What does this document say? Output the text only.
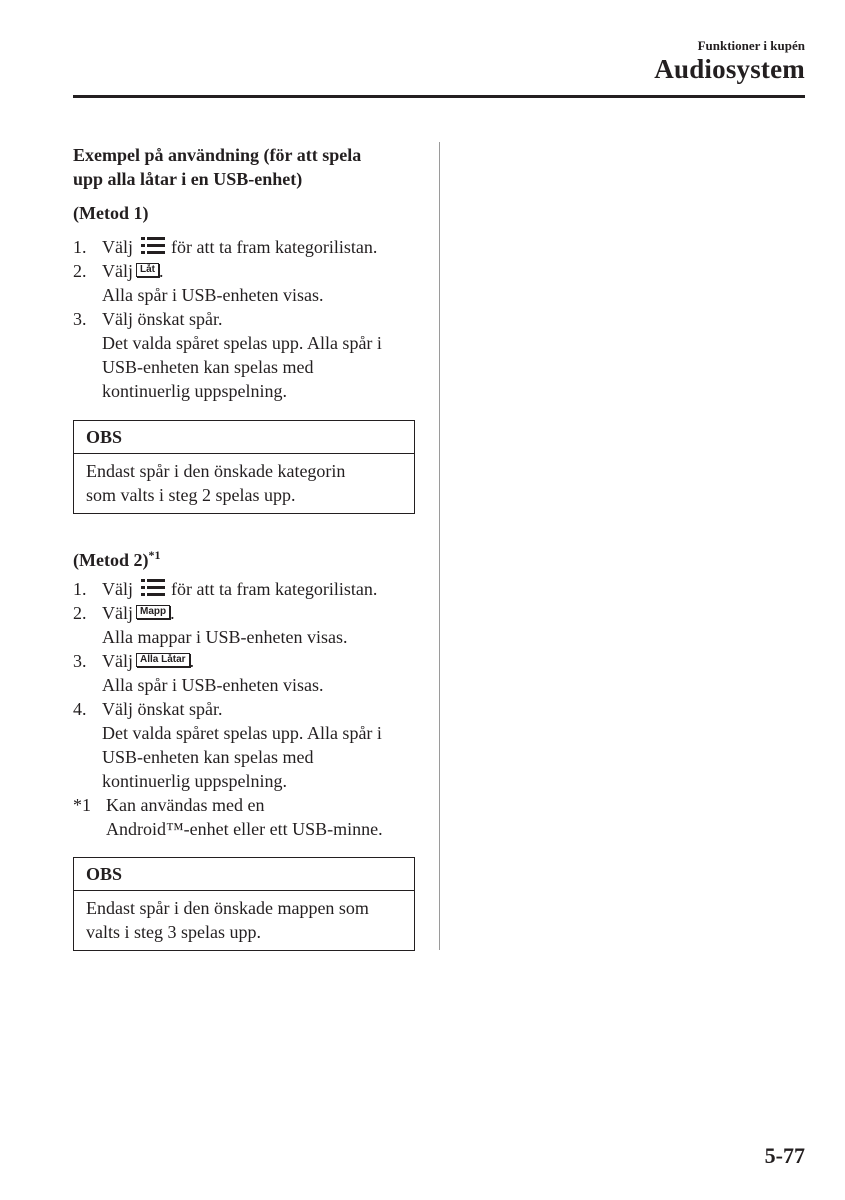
Funktioner i kupén
Audiosystem
Exempel på användning (för att spela
upp alla låtar i en USB-enhet)
(Metod 1)
1. Välj för att ta fram kategorilistan.
2. Välj Låt .
Alla spår i USB-enheten visas.
3. Välj önskat spår.
Det valda spåret spelas upp. Alla spår i
USB-enheten kan spelas med
kontinuerlig uppspelning.
OBS
Endast spår i den önskade kategorin
som valts i steg 2 spelas upp.
(Metod 2)$^{*1}$
1. Välj för att ta fram kategorilistan.
2. Välj Mapp .
Alla mappar i USB-enheten visas.
3. Välj Alla Låtar .
Alla spår i USB-enheten visas.
4. Välj önskat spår.
Det valda spåret spelas upp. Alla spår i
USB-enheten kan spelas med
kontinuerlig uppspelning.
*1 Kan användas med en
Android™-enhet eller ett USB-minne.
OBS
Endast spår i den önskade mappen som
valts i steg 3 spelas upp.
5-77
